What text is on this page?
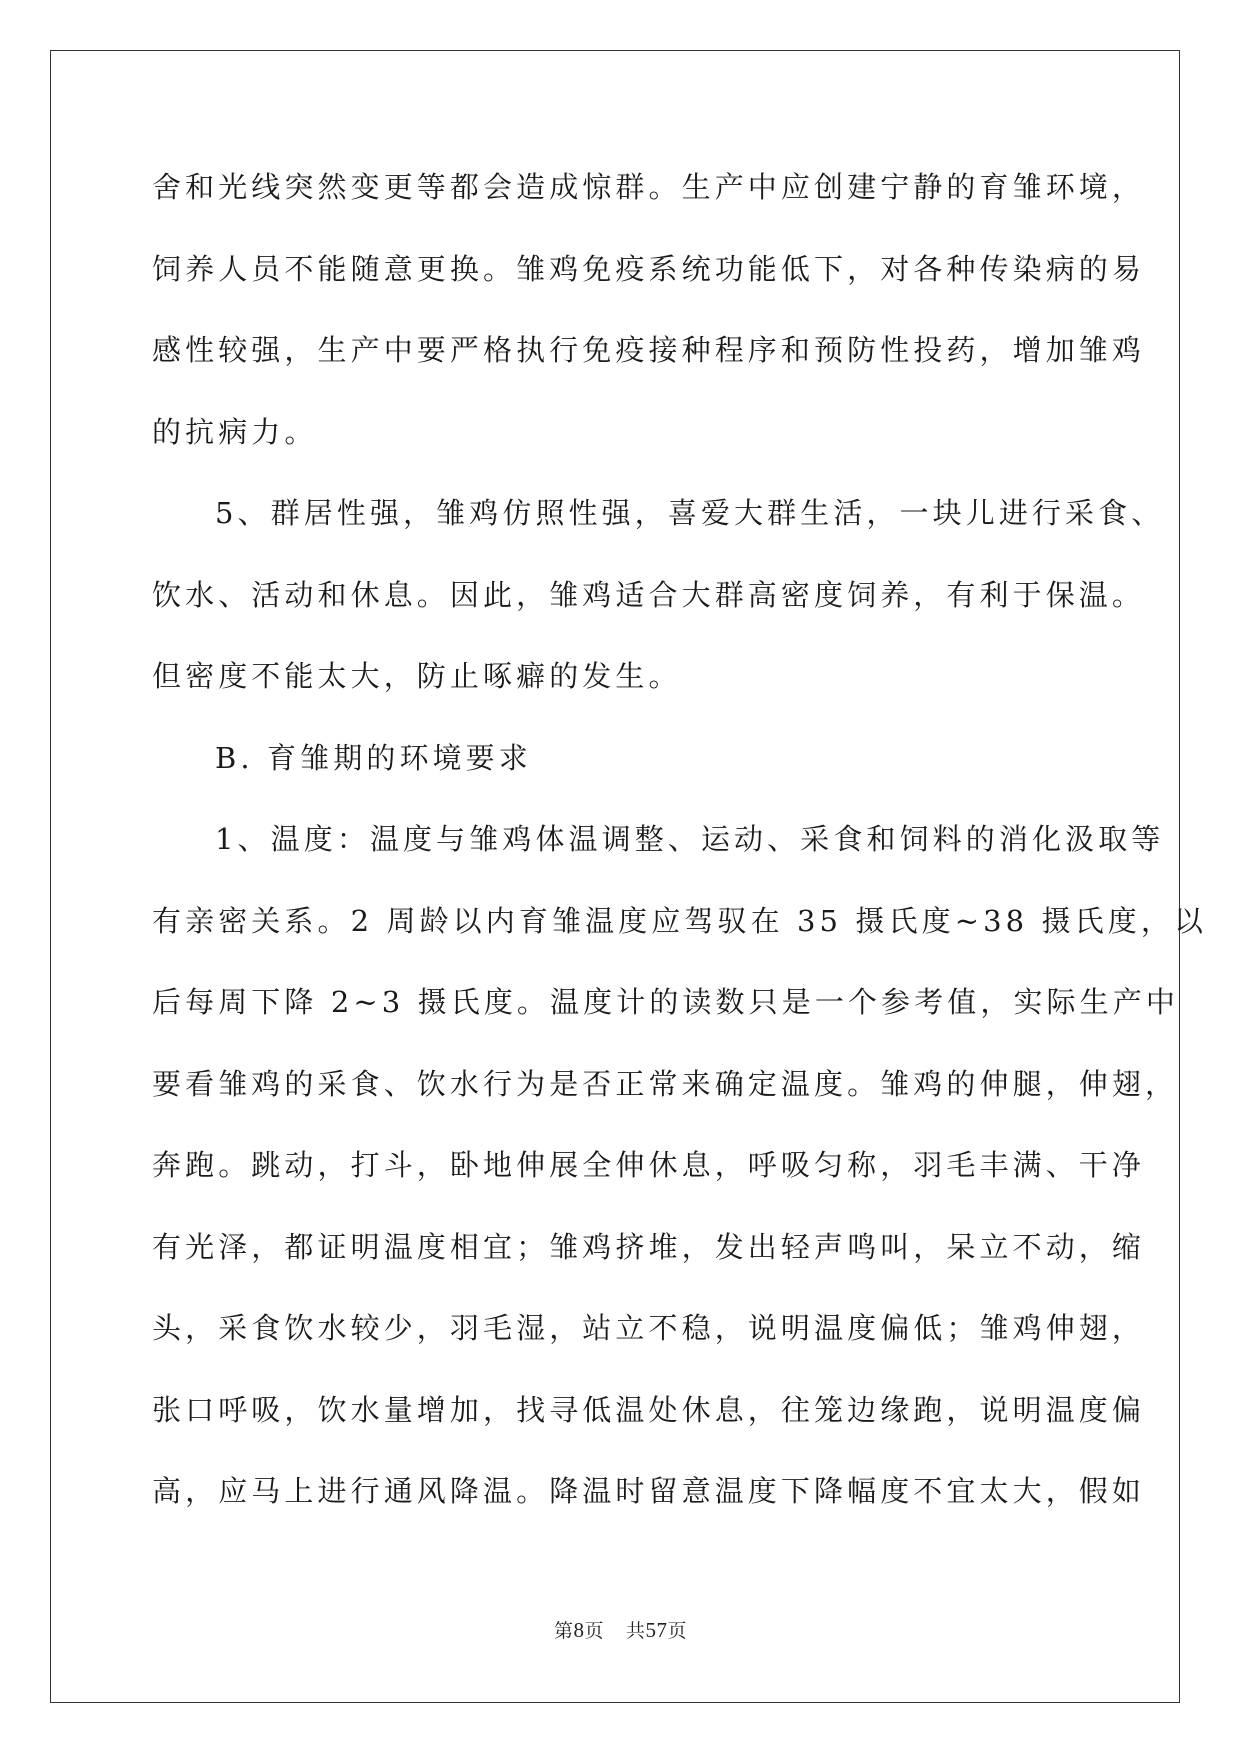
舍和光线突然变更等都会造成惊群。生产中应创建宁静的育雏环境，
饲养人员不能随意更换。雏鸡免疫系统功能低下，对各种传染病的易
感性较强，生产中要严格执行免疫接种程序和预防性投药，增加雏鸡
的抗病力。
5、群居性强，雏鸡仿照性强，喜爱大群生活，一块儿进行采食、
饮水、活动和休息。因此，雏鸡适合大群高密度饲养，有利于保温。
但密度不能太大，防止啄癖的发生。
B. 育雏期的环境要求
1、温度：温度与雏鸡体温调整、运动、采食和饲料的消化汲取等
有亲密关系。2 周龄以内育雏温度应驾驭在 35 摄氏度~38 摄氏度，以
后每周下降 2~3 摄氏度。温度计的读数只是一个参考值，实际生产中
要看雏鸡的采食、饮水行为是否正常来确定温度。雏鸡的伸腿，伸翅，
奔跑。跳动，打斗，卧地伸展全伸休息，呼吸匀称，羽毛丰满、干净
有光泽，都证明温度相宜；雏鸡挤堆，发出轻声鸣叫，呆立不动，缩
头，采食饮水较少，羽毛湿，站立不稳，说明温度偏低；雏鸡伸翅，
张口呼吸，饮水量增加，找寻低温处休息，往笼边缘跑，说明温度偏
高，应马上进行通风降温。降温时留意温度下降幅度不宜太大，假如
第8页 共57页
